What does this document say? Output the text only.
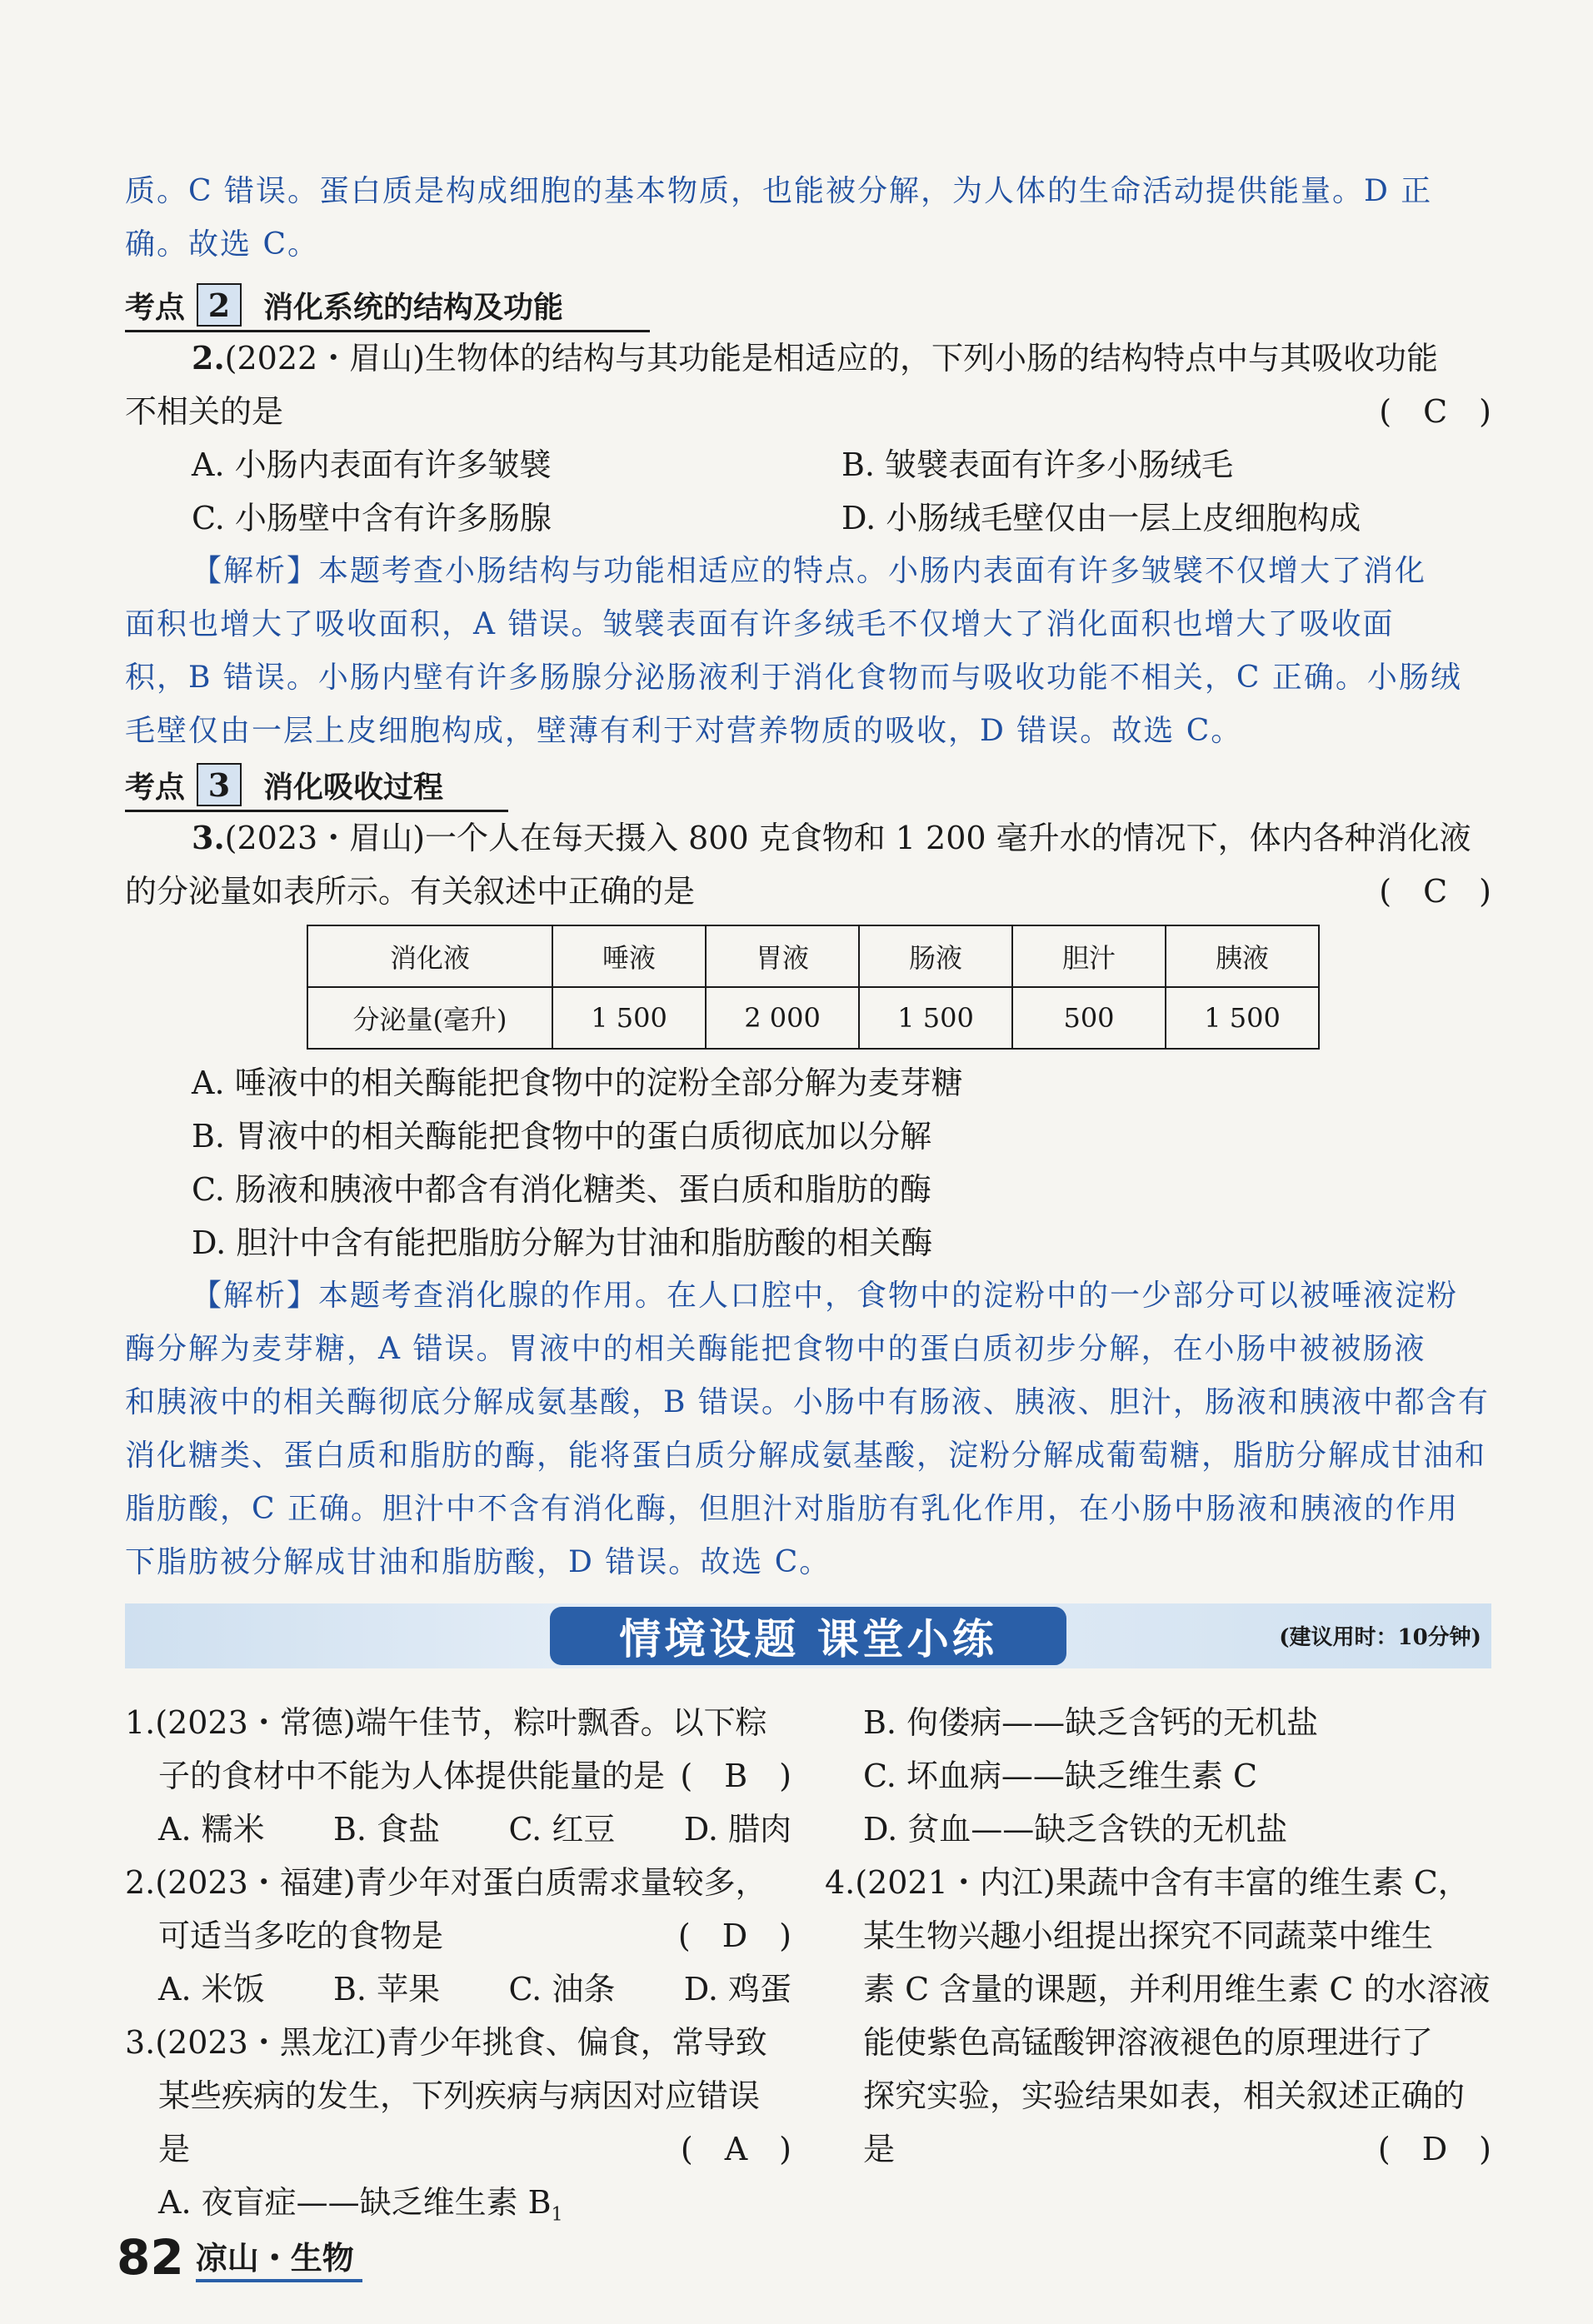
质。C 错误。蛋白质是构成细胞的基本物质，也能被分解，为人体的生命活动提供能量。D 正
确。故选 C。
考点 2	消化系统的结构及功能
2.(2022・眉山)生物体的结构与其功能是相适应的，下列小肠的结构特点中与其吸收功能
不相关的是	(　C　)
A. 小肠内表面有许多皱襞	B. 皱襞表面有许多小肠绒毛
C. 小肠壁中含有许多肠腺	D. 小肠绒毛壁仅由一层上皮细胞构成
【解析】本题考查小肠结构与功能相适应的特点。小肠内表面有许多皱襞不仅增大了消化
面积也增大了吸收面积，A 错误。皱襞表面有许多绒毛不仅增大了消化面积也增大了吸收面
积，B 错误。小肠内壁有许多肠腺分泌肠液利于消化食物而与吸收功能不相关，C 正确。小肠绒
毛壁仅由一层上皮细胞构成，壁薄有利于对营养物质的吸收，D 错误。故选 C。
考点 3	消化吸收过程
3.(2023・眉山)一个人在每天摄入 800 克食物和 1 200 毫升水的情况下，体内各种消化液
的分泌量如表所示。有关叙述中正确的是	(　C　)
消化液	唾液	胃液	肠液	胆汁	胰液
分泌量(毫升)	1 500	2 000	1 500	500	1 500
A. 唾液中的相关酶能把食物中的淀粉全部分解为麦芽糖
B. 胃液中的相关酶能把食物中的蛋白质彻底加以分解
C. 肠液和胰液中都含有消化糖类、蛋白质和脂肪的酶
D. 胆汁中含有能把脂肪分解为甘油和脂肪酸的相关酶
【解析】本题考查消化腺的作用。在人口腔中，食物中的淀粉中的一少部分可以被唾液淀粉
酶分解为麦芽糖，A 错误。胃液中的相关酶能把食物中的蛋白质初步分解，在小肠中被被肠液
和胰液中的相关酶彻底分解成氨基酸，B 错误。小肠中有肠液、胰液、胆汁，肠液和胰液中都含有
消化糖类、蛋白质和脂肪的酶，能将蛋白质分解成氨基酸，淀粉分解成葡萄糖，脂肪分解成甘油和
脂肪酸，C 正确。胆汁中不含有消化酶，但胆汁对脂肪有乳化作用，在小肠中肠液和胰液的作用
下脂肪被分解成甘油和脂肪酸，D 错误。故选 C。
情境设题 课堂小练	(建议用时：10分钟)
1.(2023・常德)端午佳节，粽叶飘香。以下粽
子的食材中不能为人体提供能量的是 (　B　)
A. 糯米 B. 食盐 C. 红豆 D. 腊肉
2.(2023・福建)青少年对蛋白质需求量较多，
可适当多吃的食物是	(　D　)
A. 米饭 B. 苹果 C. 油条 D. 鸡蛋
3.(2023・黑龙江)青少年挑食、偏食，常导致
某些疾病的发生，下列疾病与病因对应错误
是	(　A　)
A. 夜盲症——缺乏维生素 $B_1$
B. 佝偻病——缺乏含钙的无机盐
C. 坏血病——缺乏维生素 C
D. 贫血——缺乏含铁的无机盐
4.(2021・内江)果蔬中含有丰富的维生素 C，
某生物兴趣小组提出探究不同蔬菜中维生
素 C 含量的课题，并利用维生素 C 的水溶液
能使紫色高锰酸钾溶液褪色的原理进行了
探究实验，实验结果如表，相关叙述正确的
是	(　D　)
82 凉山・生物
